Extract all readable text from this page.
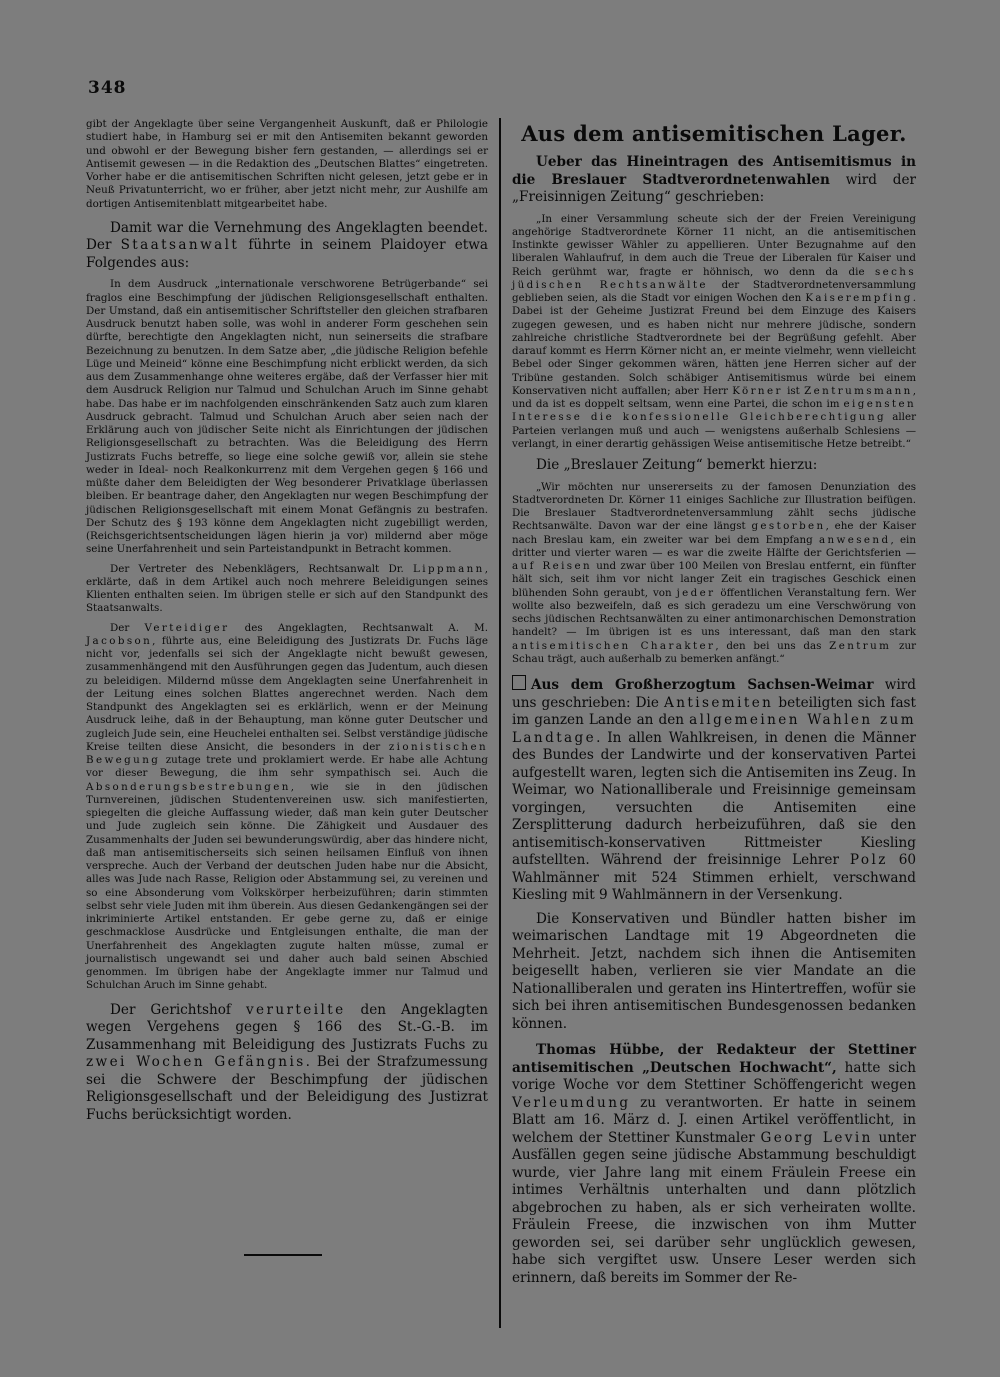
348

gibt der Angeklagte über seine Vergangenheit Auskunft, daß er Philologie studiert habe, in Hamburg sei er mit den Antisemiten bekannt geworden und obwohl er der Bewegung bisher fern gestanden, — allerdings sei er Antisemit gewesen — in die Redaktion des „Deutschen Blattes“ eingetreten. Vorher habe er die antisemitischen Schriften nicht gelesen, jetzt gebe er in Neuß Privatunterricht, wo er früher, aber jetzt nicht mehr, zur Aushilfe am dortigen Antisemitenblatt mitgearbeitet habe.

Damit war die Vernehmung des Angeklagten beendet. Der Staatsanwalt führte in seinem Plaidoyer etwa Folgendes aus:

In dem Ausdruck „internationale verschworene Betrügerbande“ sei fraglos eine Beschimpfung der jüdischen Religionsgesellschaft enthalten. Der Umstand, daß ein antisemitischer Schriftsteller den gleichen strafbaren Ausdruck benutzt haben solle, was wohl in anderer Form geschehen sein dürfte, berechtigte den Angeklagten nicht, nun seinerseits die strafbare Bezeichnung zu benutzen. In dem Satze aber, „die jüdische Religion befehle Lüge und Meineid“ könne eine Beschimpfung nicht erblickt werden, da sich aus dem Zusammenhange ohne weiteres ergäbe, daß der Verfasser hier mit dem Ausdruck Religion nur Talmud und Schulchan Aruch im Sinne gehabt habe. Das habe er im nachfolgenden einschränkenden Satz auch zum klaren Ausdruck gebracht. Talmud und Schulchan Aruch aber seien nach der Erklärung auch von jüdischer Seite nicht als Einrichtungen der jüdischen Religionsgesellschaft zu betrachten. Was die Beleidigung des Herrn Justizrats Fuchs betreffe, so liege eine solche gewiß vor, allein sie stehe weder in Ideal- noch Realkonkurrenz mit dem Vergehen gegen § 166 und müßte daher dem Beleidigten der Weg besonderer Privatklage überlassen bleiben. Er beantrage daher, den Angeklagten nur wegen Beschimpfung der jüdischen Religionsgesellschaft mit einem Monat Gefängnis zu bestrafen. Der Schutz des § 193 könne dem Angeklagten nicht zugebilligt werden, (Reichsgerichtsentscheidungen lägen hierin ja vor) mildernd aber möge seine Unerfahrenheit und sein Parteistandpunkt in Betracht kommen.

Der Vertreter des Nebenklägers, Rechtsanwalt Dr. Lippmann, erklärte, daß in dem Artikel auch noch mehrere Beleidigungen seines Klienten enthalten seien. Im übrigen stelle er sich auf den Standpunkt des Staatsanwalts.

Der Verteidiger des Angeklagten, Rechtsanwalt A. M. Jacobson, führte aus, eine Beleidigung des Justizrats Dr. Fuchs läge nicht vor, jedenfalls sei sich der Angeklagte nicht bewußt gewesen, zusammenhängend mit den Ausführungen gegen das Judentum, auch diesen zu beleidigen. Mildernd müsse dem Angeklagten seine Unerfahrenheit in der Leitung eines solchen Blattes angerechnet werden. Nach dem Standpunkt des Angeklagten sei es erklärlich, wenn er der Meinung Ausdruck leihe, daß in der Behauptung, man könne guter Deutscher und zugleich Jude sein, eine Heuchelei enthalten sei. Selbst verständige jüdische Kreise teilten diese Ansicht, die besonders in der zionistischen Bewegung zutage trete und proklamiert werde. Er habe alle Achtung vor dieser Bewegung, die ihm sehr sympathisch sei. Auch die Absonderungsbestrebungen, wie sie in den jüdischen Turnvereinen, jüdischen Studentenvereinen usw. sich manifestierten, spiegelten die gleiche Auffassung wieder, daß man kein guter Deutscher und Jude zugleich sein könne. Die Zähigkeit und Ausdauer des Zusammenhalts der Juden sei bewunderungswürdig, aber das hindere nicht, daß man antisemitischerseits sich seinen heilsamen Einfluß von ihnen verspreche. Auch der Verband der deutschen Juden habe nur die Absicht, alles was Jude nach Rasse, Religion oder Abstammung sei, zu vereinen und so eine Absonderung vom Volkskörper herbeizuführen; darin stimmten selbst sehr viele Juden mit ihm überein. Aus diesen Gedankengängen sei der inkriminierte Artikel entstanden. Er gebe gerne zu, daß er einige geschmacklose Ausdrücke und Entgleisungen enthalte, die man der Unerfahrenheit des Angeklagten zugute halten müsse, zumal er journalistisch ungewandt sei und daher auch bald seinen Abschied genommen. Im übrigen habe der Angeklagte immer nur Talmud und Schulchan Aruch im Sinne gehabt.

Der Gerichtshof verurteilte den Angeklagten wegen Vergehens gegen § 166 des St.-G.-B. im Zusammenhang mit Beleidigung des Justizrats Fuchs zu zwei Wochen Gefängnis. Bei der Strafzumessung sei die Schwere der Beschimpfung der jüdischen Religionsgesellschaft und der Beleidigung des Justizrat Fuchs berücksichtigt worden.

Aus dem antisemitischen Lager.

Ueber das Hineintragen des Antisemitismus in die Breslauer Stadtverordnetenwahlen wird der „Freisinnigen Zeitung“ geschrieben:

„In einer Versammlung scheute sich der der Freien Vereinigung angehörige Stadtverordnete Körner 11 nicht, an die antisemitischen Instinkte gewisser Wähler zu appellieren. Unter Bezugnahme auf den liberalen Wahlaufruf, in dem auch die Treue der Liberalen für Kaiser und Reich gerühmt war, fragte er höhnisch, wo denn da die sechs jüdischen Rechtsanwälte der Stadtverordnetenversammlung geblieben seien, als die Stadt vor einigen Wochen den Kaiserempfing. Dabei ist der Geheime Justizrat Freund bei dem Einzuge des Kaisers zugegen gewesen, und es haben nicht nur mehrere jüdische, sondern zahlreiche christliche Stadtverordnete bei der Begrüßung gefehlt. Aber darauf kommt es Herrn Körner nicht an, er meinte vielmehr, wenn vielleicht Bebel oder Singer gekommen wären, hätten jene Herren sicher auf der Tribüne gestanden. Solch schäbiger Antisemitismus würde bei einem Konservativen nicht auffallen; aber Herr Körner ist Zentrumsmann, und da ist es doppelt seltsam, wenn eine Partei, die schon im eigensten Interesse die konfessionelle Gleichberechtigung aller Parteien verlangen muß und auch — wenigstens außerhalb Schlesiens — verlangt, in einer derartig gehässigen Weise antisemitische Hetze betreibt.“

Die „Breslauer Zeitung“ bemerkt hierzu:

„Wir möchten nur unsererseits zu der famosen Denunziation des Stadtverordneten Dr. Körner 11 einiges Sachliche zur Illustration beifügen. Die Breslauer Stadtverordnetenversammlung zählt sechs jüdische Rechtsanwälte. Davon war der eine längst gestorben, ehe der Kaiser nach Breslau kam, ein zweiter war bei dem Empfang anwesend, ein dritter und vierter waren — es war die zweite Hälfte der Gerichtsferien — auf Reisen und zwar über 100 Meilen von Breslau entfernt, ein fünfter hält sich, seit ihm vor nicht langer Zeit ein tragisches Geschick einen blühenden Sohn geraubt, von jeder öffentlichen Veranstaltung fern. Wer wollte also bezweifeln, daß es sich geradezu um eine Verschwörung von sechs jüdischen Rechtsanwälten zu einer antimonarchischen Demonstration handelt? — Im übrigen ist es uns interessant, daß man den stark antisemitischen Charakter, den bei uns das Zentrum zur Schau trägt, auch außerhalb zu bemerken anfängt.“

Aus dem Großherzogtum Sachsen-Weimar wird uns geschrieben: Die Antisemiten beteiligten sich fast im ganzen Lande an den allgemeinen Wahlen zum Landtage. In allen Wahlkreisen, in denen die Männer des Bundes der Landwirte und der konservativen Partei aufgestellt waren, legten sich die Antisemiten ins Zeug. In Weimar, wo Nationalliberale und Freisinnige gemeinsam vorgingen, versuchten die Antisemiten eine Zersplitterung dadurch herbeizuführen, daß sie den antisemitisch-konservativen Rittmeister Kiesling aufstellten. Während der freisinnige Lehrer Polz 60 Wahlmänner mit 524 Stimmen erhielt, verschwand Kiesling mit 9 Wahlmännern in der Versenkung.

Die Konservativen und Bündler hatten bisher im weimarischen Landtage mit 19 Abgeordneten die Mehrheit. Jetzt, nachdem sich ihnen die Antisemiten beigesellt haben, verlieren sie vier Mandate an die Nationalliberalen und geraten ins Hintertreffen, wofür sie sich bei ihren antisemitischen Bundesgenossen bedanken können.

Thomas Hübbe, der Redakteur der Stettiner antisemitischen „Deutschen Hochwacht“, hatte sich vorige Woche vor dem Stettiner Schöffengericht wegen Verleumdung zu verantworten. Er hatte in seinem Blatt am 16. März d. J. einen Artikel veröffentlicht, in welchem der Stettiner Kunstmaler Georg Levin unter Ausfällen gegen seine jüdische Abstammung beschuldigt wurde, vier Jahre lang mit einem Fräulein Freese ein intimes Verhältnis unterhalten und dann plötzlich abgebrochen zu haben, als er sich verheiraten wollte. Fräulein Freese, die inzwischen von ihm Mutter geworden sei, sei darüber sehr unglücklich gewesen, habe sich vergiftet usw. Unsere Leser werden sich erinnern, daß bereits im Sommer der Re-
